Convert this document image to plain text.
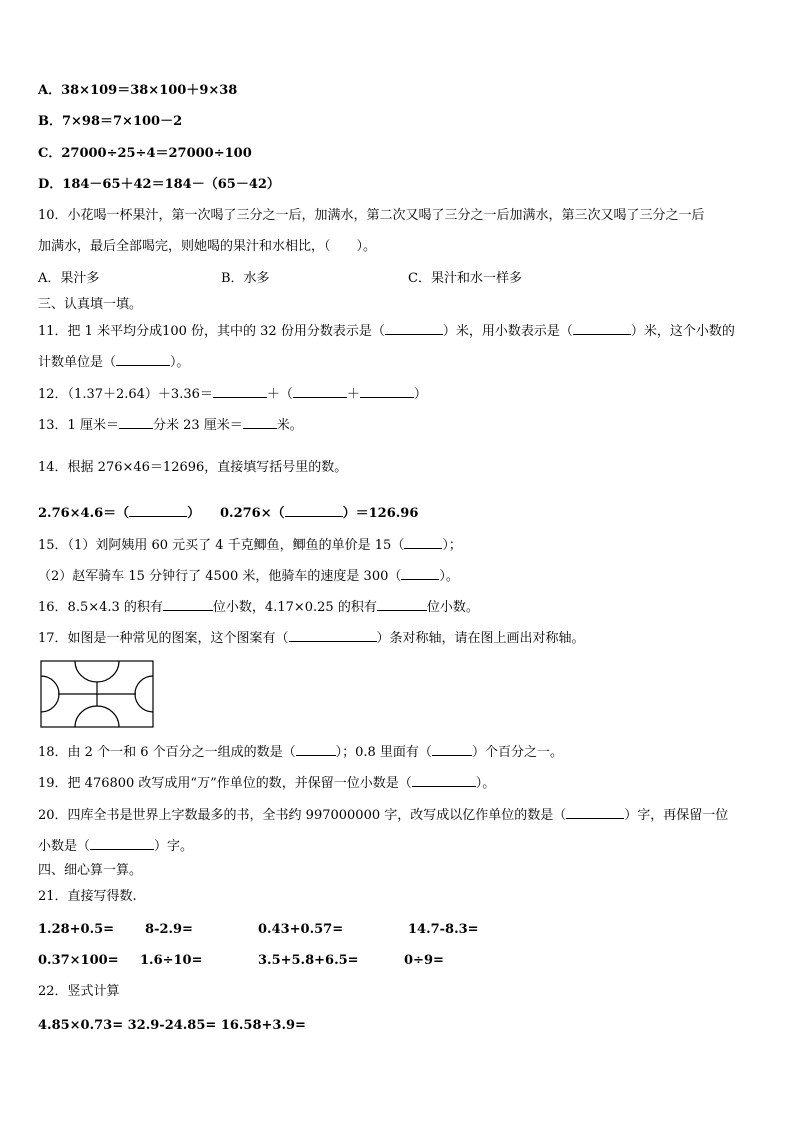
A．38×109＝38×100＋9×38
B．7×98＝7×100－2
C．27000÷25÷4＝27000÷100
D．184－65＋42＝184－（65－42）
10．小花喝一杯果汁，第一次喝了三分之一后，加满水，第二次又喝了三分之一后加满水，第三次又喝了三分之一后
加满水，最后全部喝完，则她喝的果汁和水相比，（　　）。
A．果汁多	B．水多	C．果汁和水一样多
三、认真填一填。
11．把 1 米平均分成100 份，其中的 32 份用分数表示是（	）米，用小数表示是（	）米，这个小数的
计数单位是（	）。
12．（1.37＋2.64）＋3.36＝	＋（	＋	）
13．1 厘米＝	分米 23 厘米＝	米。
14．根据 276×46＝12696，直接填写括号里的数。
2.76×4.6＝（	） 0.276×（	）＝126.96
15．（1）刘阿姨用 60 元买了 4 千克鲫鱼，鲫鱼的单价是 15（	）；
（2）赵军骑车 15 分钟行了 4500 米，他骑车的速度是 300（	）。
16．8.5×4.3 的积有	位小数，4.17×0.25 的积有	位小数。
17．如图是一种常见的图案，这个图案有（	）条对称轴，请在图上画出对称轴。
18．由 2 个一和 6 个百分之一组成的数是（	）；0.8 里面有（	）个百分之一。
19．把 476800 改写成用“万”作单位的数，并保留一位小数是（	）。
20．四库全书是世界上字数最多的书，全书约 997000000 字，改写成以亿作单位的数是（	）字，再保留一位
小数是（	）字。
四、细心算一算。
21．直接写得数.
1.28+0.5= 8-2.9=	0.43+0.57=	14.7-8.3=
0.37×100= 1.6÷10=	3.5+5.8+6.5=	0÷9=
22．竖式计算
4.85×0.73= 32.9-24.85= 16.58+3.9=
